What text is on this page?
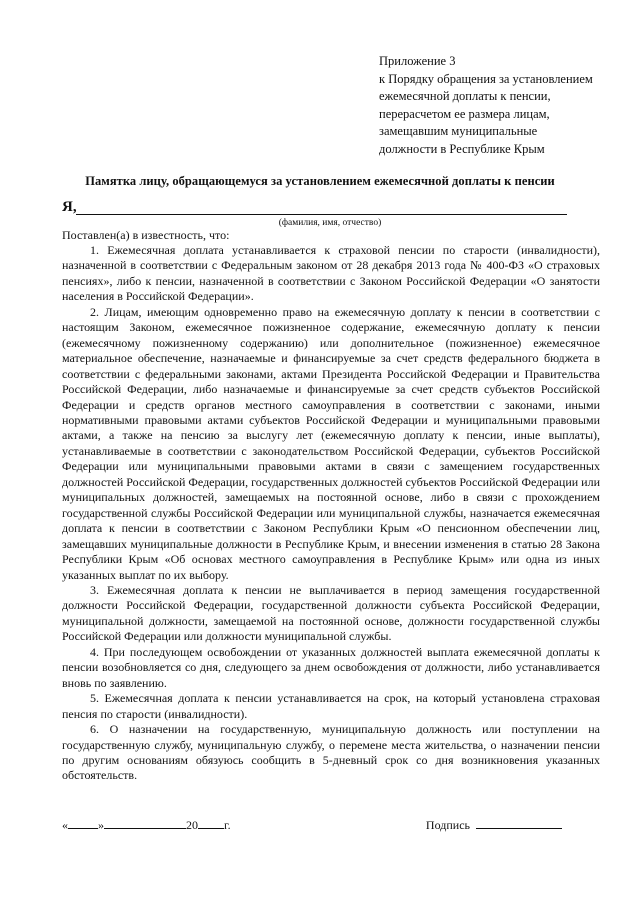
Приложение 3
к Порядку обращения за установлением
ежемесячной доплаты к пенсии,
перерасчетом ее размера лицам,
замещавшим муниципальные
должности в Республике Крым
Памятка лицу, обращающемуся за установлением ежемесячной доплаты к пенсии
Я,
(фамилия, имя, отчество)
Поставлен(а) в известность, что:

1. Ежемесячная доплата устанавливается к страховой пенсии по старости (инвалидности), назначенной в соответствии с Федеральным законом от 28 декабря 2013 года № 400-ФЗ «О страховых пенсиях», либо к пенсии, назначенной в соответствии с Законом Российской Федерации «О занятости населения в Российской Федерации».

2. Лицам, имеющим одновременно право на ежемесячную доплату к пенсии в соответствии с настоящим Законом, ежемесячное пожизненное содержание, ежемесячную доплату к пенсии (ежемесячному пожизненному содержанию) или дополнительное (пожизненное) ежемесячное материальное обеспечение, назначаемые и финансируемые за счет средств федерального бюджета в соответствии с федеральными законами, актами Президента Российской Федерации и Правительства Российской Федерации, либо назначаемые и финансируемые за счет средств субъектов Российской Федерации и средств органов местного самоуправления в соответствии с законами, иными нормативными правовыми актами субъектов Российской Федерации и муниципальными правовыми актами, а также на пенсию за выслугу лет (ежемесячную доплату к пенсии, иные выплаты), устанавливаемые в соответствии с законодательством Российской Федерации, субъектов Российской Федерации или муниципальными правовыми актами в связи с замещением государственных должностей Российской Федерации, государственных должностей субъектов Российской Федерации или муниципальных должностей, замещаемых на постоянной основе, либо в связи с прохождением государственной службы Российской Федерации или муниципальной службы, назначается ежемесячная доплата к пенсии в соответствии с Законом Республики Крым «О пенсионном обеспечении лиц, замещавших муниципальные должности в Республике Крым, и внесении изменения в статью 28 Закона Республики Крым «Об основах местного самоуправления в Республике Крым» или одна из иных указанных выплат по их выбору.

3. Ежемесячная доплата к пенсии не выплачивается в период замещения государственной должности Российской Федерации, государственной должности субъекта Российской Федерации, муниципальной должности, замещаемой на постоянной основе, должности государственной службы Российской Федерации или должности муниципальной службы.

4. При последующем освобождении от указанных должностей выплата ежемесячной доплаты к пенсии возобновляется со дня, следующего за днем освобождения от должности, либо устанавливается вновь по заявлению.

5. Ежемесячная доплата к пенсии устанавливается на срок, на который установлена страховая пенсия по старости (инвалидности).

6. О назначении на государственную, муниципальную должность или поступлении на государственную службу, муниципальную службу, о перемене места жительства, о назначении пенсии по другим основаниям обязуюсь сообщить в 5-дневный срок со дня возникновения указанных обстоятельств.

«	»	20 г.	Подпись
